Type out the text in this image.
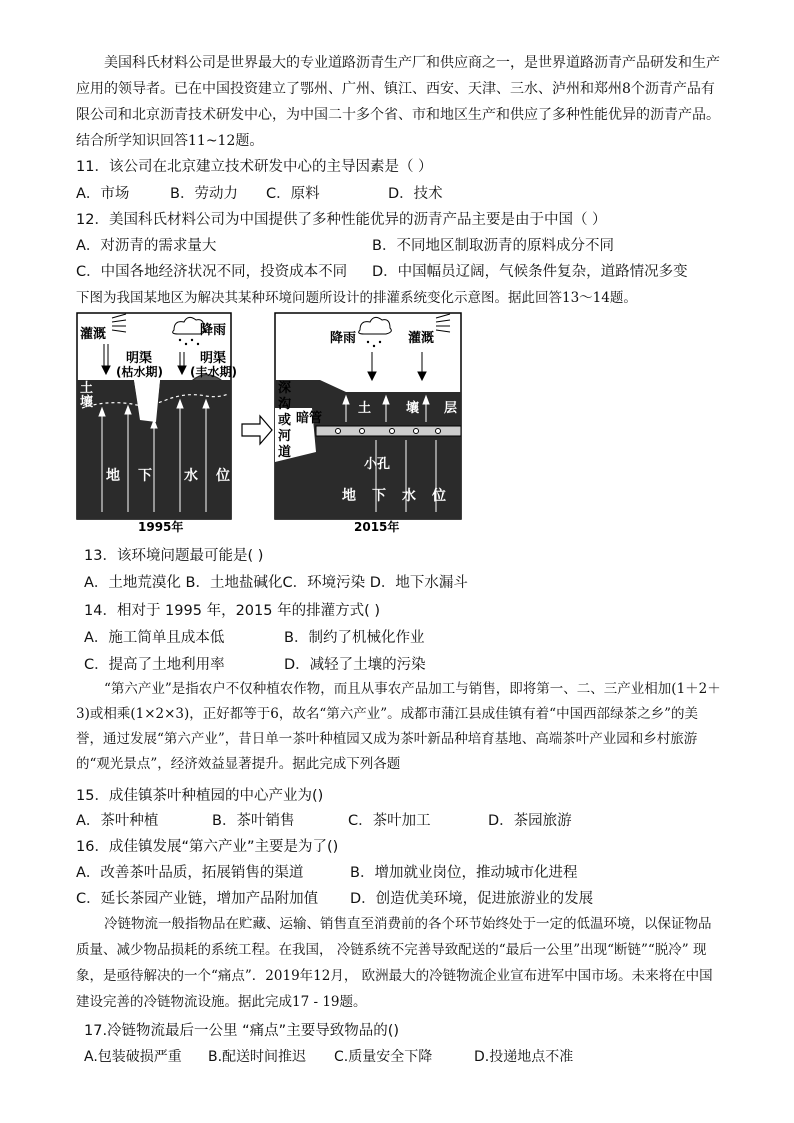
美国科氏材料公司是世界最大的专业道路沥青生产厂和供应商之一，是世界道路沥青产品研发和生产应用的领导者。已在中国投资建立了鄂州、广州、镇江、西安、天津、三水、泸州和郑州8个沥青产品有限公司和北京沥青技术研发中心，为中国二十多个省、市和地区生产和供应了多种性能优异的沥青产品。结合所学知识回答11~12题。

11．该公司在北京建立技术研发中心的主导因素是（ ）
A．市场	B．劳动力 C．原料	D．技术
12．美国科氏材料公司为中国提供了多种性能优异的沥青产品主要是由于中国（ ）
A．对沥青的需求量大	B．不同地区制取沥青的原料成分不同
C．中国各地经济状况不同，投资成本不同 D．中国幅员辽阔，气候条件复杂，道路情况多变
下图为我国某地区为解决其某种环境问题所设计的排灌系统变化示意图。据此回答13～14题。
灌溉	降雨
明渠
(枯水期)
明渠
(丰水期)
土
壤
地 下 水 位
1995年
降雨	灌溉
深
沟
或
河
道
暗管
土	壤 层
小孔
地 下 水 位
2015年
13．该环境问题最可能是( )
A．土地荒漠化 B．土地盐碱化C．环境污染 D．地下水漏斗
14．相对于 1995 年，2015 年的排灌方式( )
A．施工简单且成本低	B．制约了机械化作业
C．提高了土地利用率	D．减轻了土壤的污染

“第六产业”是指农户不仅种植农作物，而且从事农产品加工与销售，即将第一、二、三产业相加(1＋2＋3)或相乘(1×2×3)，正好都等于6，故名“第六产业”。成都市蒲江县成佳镇有着“中国西部绿茶之乡”的美誉，通过发展“第六产业”，昔日单一茶叶种植园又成为茶叶新品种培育基地、高端茶叶产业园和乡村旅游的“观光景点”，经济效益显著提升。据此完成下列各题

15．成佳镇茶叶种植园的中心产业为()
A．茶叶种植	B．茶叶销售	C．茶叶加工	D．茶园旅游
16．成佳镇发展“第六产业”主要是为了()
A．改善茶叶品质，拓展销售的渠道	B．增加就业岗位，推动城市化进程
C．延长茶园产业链，增加产品附加值 D．创造优美环境，促进旅游业的发展

冷链物流一般指物品在贮藏、运输、销售直至消费前的各个环节始终处于一定的低温环境，以保证物品质量、减少物品损耗的系统工程。在我国， 冷链系统不完善导致配送的“最后一公里”出现“断链”“脱冷” 现象，是亟待解决的一个“痛点”．2019年12月， 欧洲最大的冷链物流企业宣布进军中国市场。未来将在中国建设完善的冷链物流设施。据此完成17 - 19题。

17.冷链物流最后一公里 “痛点”主要导致物品的()
A.包装破损严重 B.配送时间推迟 C.质量安全下降	D.投递地点不准
